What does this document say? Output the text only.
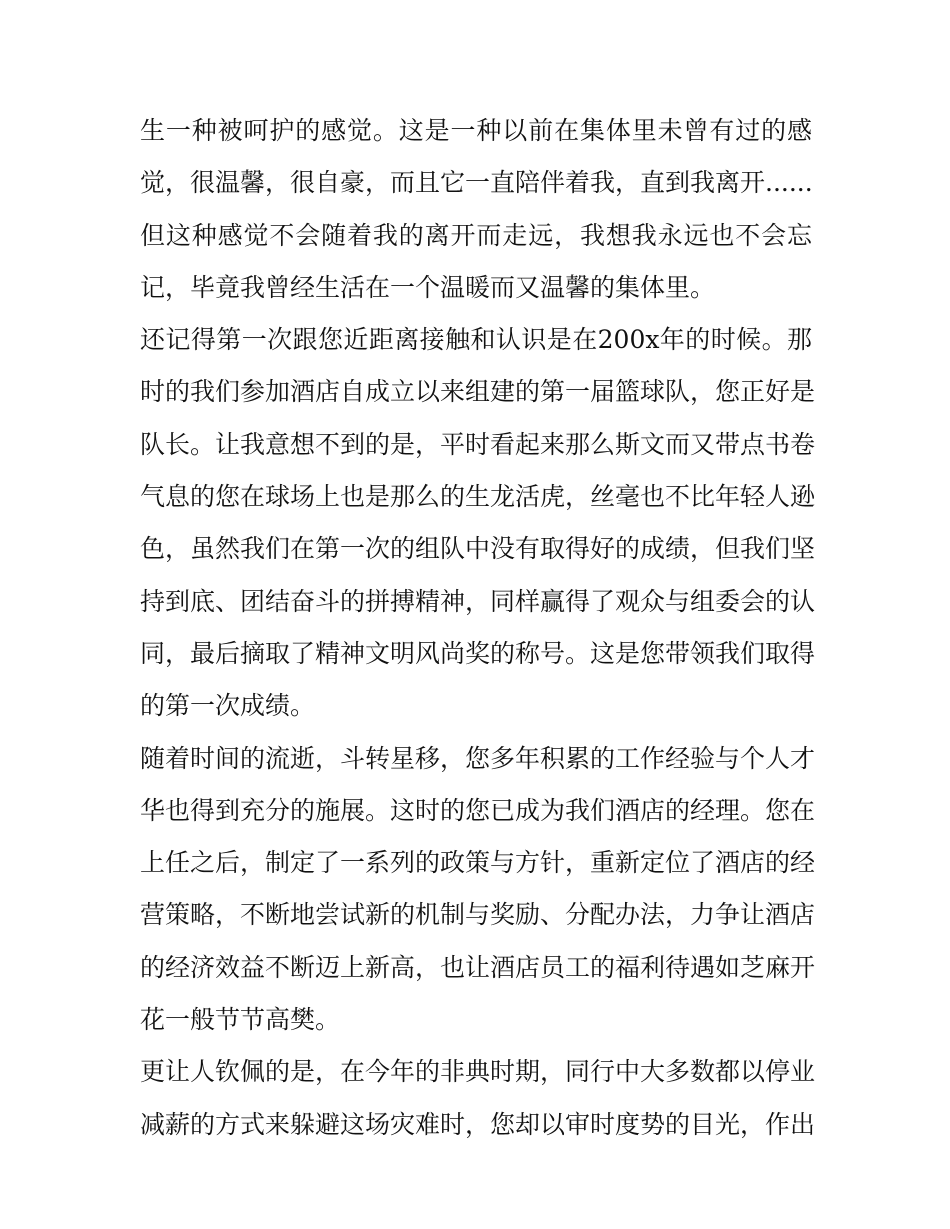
生一种被呵护的感觉。这是一种以前在集体里未曾有过的感
觉，很温馨，很自豪，而且它一直陪伴着我，直到我离开......
但这种感觉不会随着我的离开而走远，我想我永远也不会忘
记，毕竟我曾经生活在一个温暖而又温馨的集体里。
还记得第一次跟您近距离接触和认识是在200x年的时候。那
时的我们参加酒店自成立以来组建的第一届篮球队，您正好是
队长。让我意想不到的是，平时看起来那么斯文而又带点书卷
气息的您在球场上也是那么的生龙活虎，丝毫也不比年轻人逊
色，虽然我们在第一次的组队中没有取得好的成绩，但我们坚
持到底、团结奋斗的拼搏精神，同样赢得了观众与组委会的认
同，最后摘取了精神文明风尚奖的称号。这是您带领我们取得
的第一次成绩。
随着时间的流逝，斗转星移，您多年积累的工作经验与个人才
华也得到充分的施展。这时的您已成为我们酒店的经理。您在
上任之后，制定了一系列的政策与方针，重新定位了酒店的经
营策略，不断地尝试新的机制与奖励、分配办法，力争让酒店
的经济效益不断迈上新高，也让酒店员工的福利待遇如芝麻开
花一般节节高樊。
更让人钦佩的是，在今年的非典时期，同行中大多数都以停业
减薪的方式来躲避这场灾难时，您却以审时度势的目光，作出
